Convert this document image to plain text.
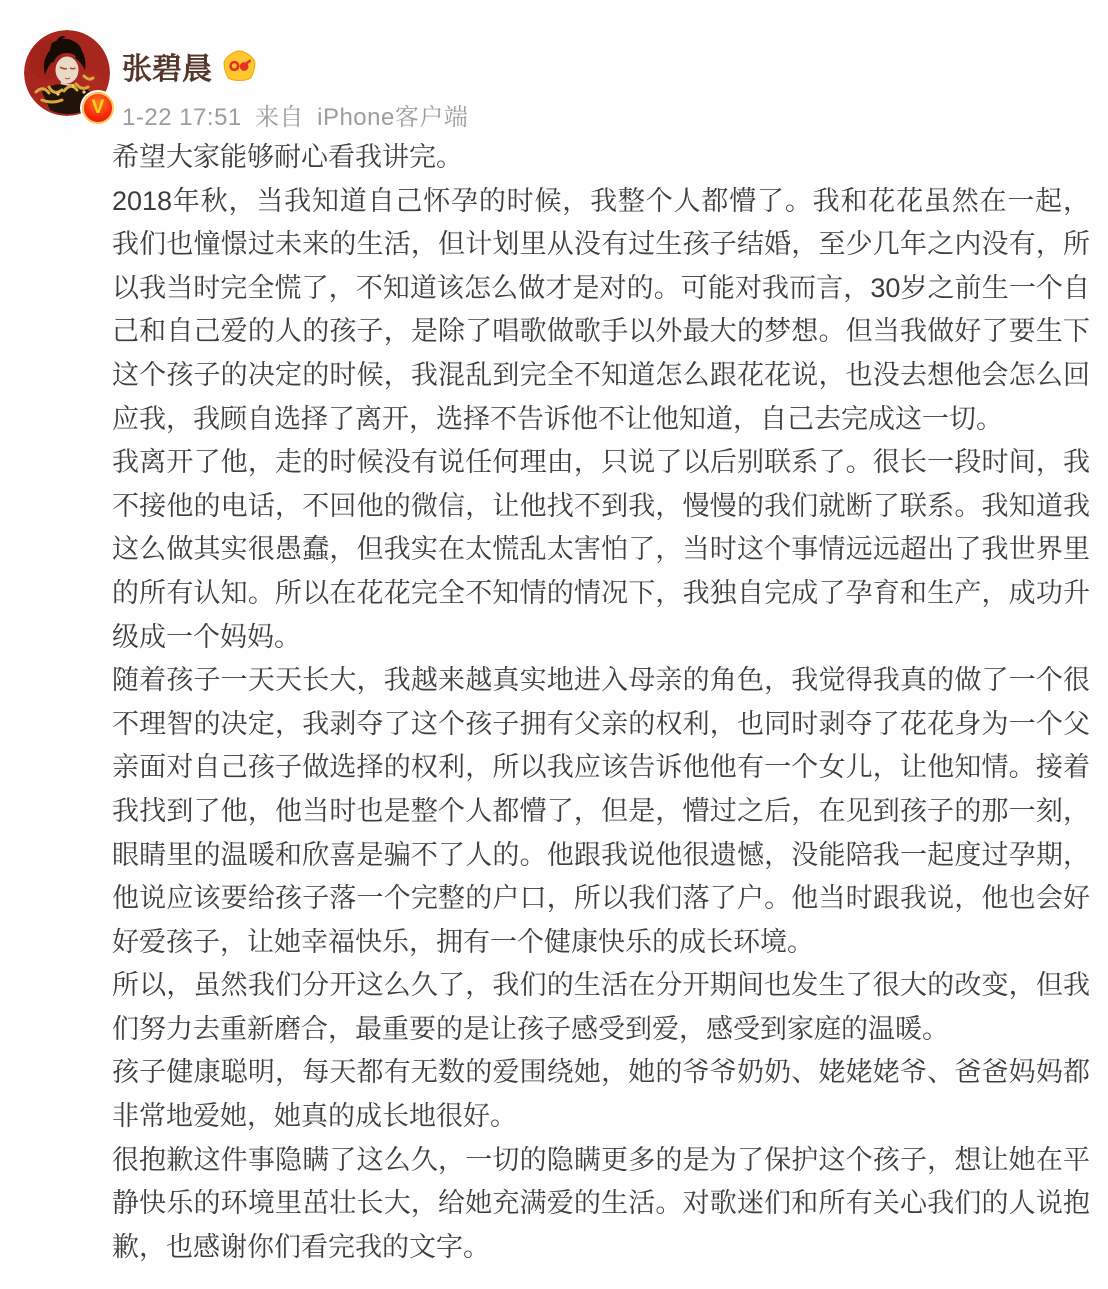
V
张碧晨
1-22 17:51 来自 iPhone客户端

希望大家能够耐心看我讲完。

2018年秋，当我知道自己怀孕的时候，我整个人都懵了。我和花花虽然在一起，我们也憧憬过未来的生活，但计划里从没有过生孩子结婚，至少几年之内没有，所以我当时完全慌了，不知道该怎么做才是对的。可能对我而言，30岁之前生一个自己和自己爱的人的孩子，是除了唱歌做歌手以外最大的梦想。但当我做好了要生下这个孩子的决定的时候，我混乱到完全不知道怎么跟花花说，也没去想他会怎么回应我，我顾自选择了离开，选择不告诉他不让他知道，自己去完成这一切。

我离开了他，走的时候没有说任何理由，只说了以后别联系了。很长一段时间，我不接他的电话，不回他的微信，让他找不到我，慢慢的我们就断了联系。我知道我这么做其实很愚蠢，但我实在太慌乱太害怕了，当时这个事情远远超出了我世界里的所有认知。所以在花花完全不知情的情况下，我独自完成了孕育和生产，成功升级成一个妈妈。

随着孩子一天天长大，我越来越真实地进入母亲的角色，我觉得我真的做了一个很不理智的决定，我剥夺了这个孩子拥有父亲的权利，也同时剥夺了花花身为一个父亲面对自己孩子做选择的权利，所以我应该告诉他他有一个女儿，让他知情。接着我找到了他，他当时也是整个人都懵了，但是，懵过之后，在见到孩子的那一刻，眼睛里的温暖和欣喜是骗不了人的。他跟我说他很遗憾，没能陪我一起度过孕期，他说应该要给孩子落一个完整的户口，所以我们落了户。他当时跟我说，他也会好好爱孩子，让她幸福快乐，拥有一个健康快乐的成长环境。

所以，虽然我们分开这么久了，我们的生活在分开期间也发生了很大的改变，但我们努力去重新磨合，最重要的是让孩子感受到爱，感受到家庭的温暖。

孩子健康聪明，每天都有无数的爱围绕她，她的爷爷奶奶、姥姥姥爷、爸爸妈妈都非常地爱她，她真的成长地很好。

很抱歉这件事隐瞒了这么久，一切的隐瞒更多的是为了保护这个孩子，想让她在平静快乐的环境里茁壮长大，给她充满爱的生活。对歌迷们和所有关心我们的人说抱歉，也感谢你们看完我的文字。
